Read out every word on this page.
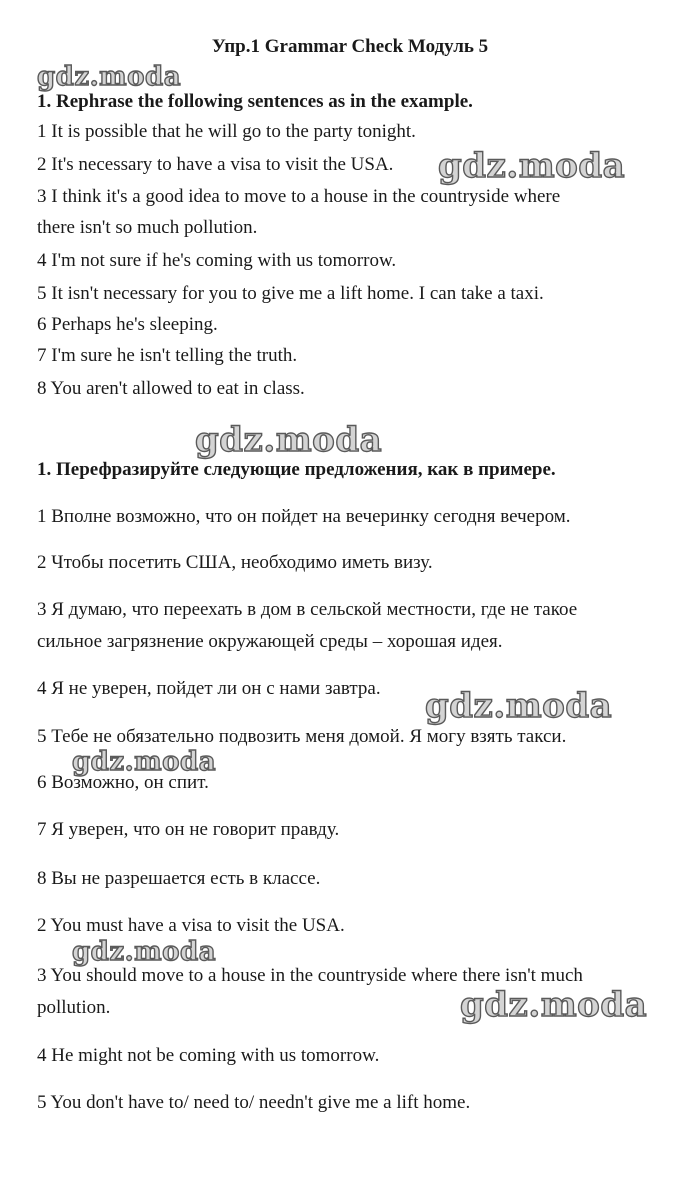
Упр.1 Grammar Check Модуль 5
1. Rephrase the following sentences as in the example.
1 It is possible that he will go to the party tonight.
2 It's necessary to have a visa to visit the USA.
3 I think it's a good idea to move to a house in the countryside where
there isn't so much pollution.
4 I'm not sure if he's coming with us tomorrow.
5 It isn't necessary for you to give me a lift home. I can take a taxi.
6 Perhaps he's sleeping.
7 I'm sure he isn't telling the truth.
8 You aren't allowed to eat in class.
1. Перефразируйте следующие предложения, как в примере.
1 Вполне возможно, что он пойдет на вечеринку сегодня вечером.
2 Чтобы посетить США, необходимо иметь визу.
3 Я думаю, что переехать в дом в сельской местности, где не такое
сильное загрязнение окружающей среды – хорошая идея.
4 Я не уверен, пойдет ли он с нами завтра.
5 Тебе не обязательно подвозить меня домой. Я могу взять такси.
6 Возможно, он спит.
7 Я уверен, что он не говорит правду.
8 Вы не разрешается есть в классе.
2 You must have a visa to visit the USA.
3 You should move to a house in the countryside where there isn't much
pollution.
4 He might not be coming with us tomorrow.
5 You don't have to/ need to/ needn't give me a lift home.
gdz.moda
gdz.moda
gdz.moda
gdz.moda
gdz.moda
gdz.moda
gdz.moda
